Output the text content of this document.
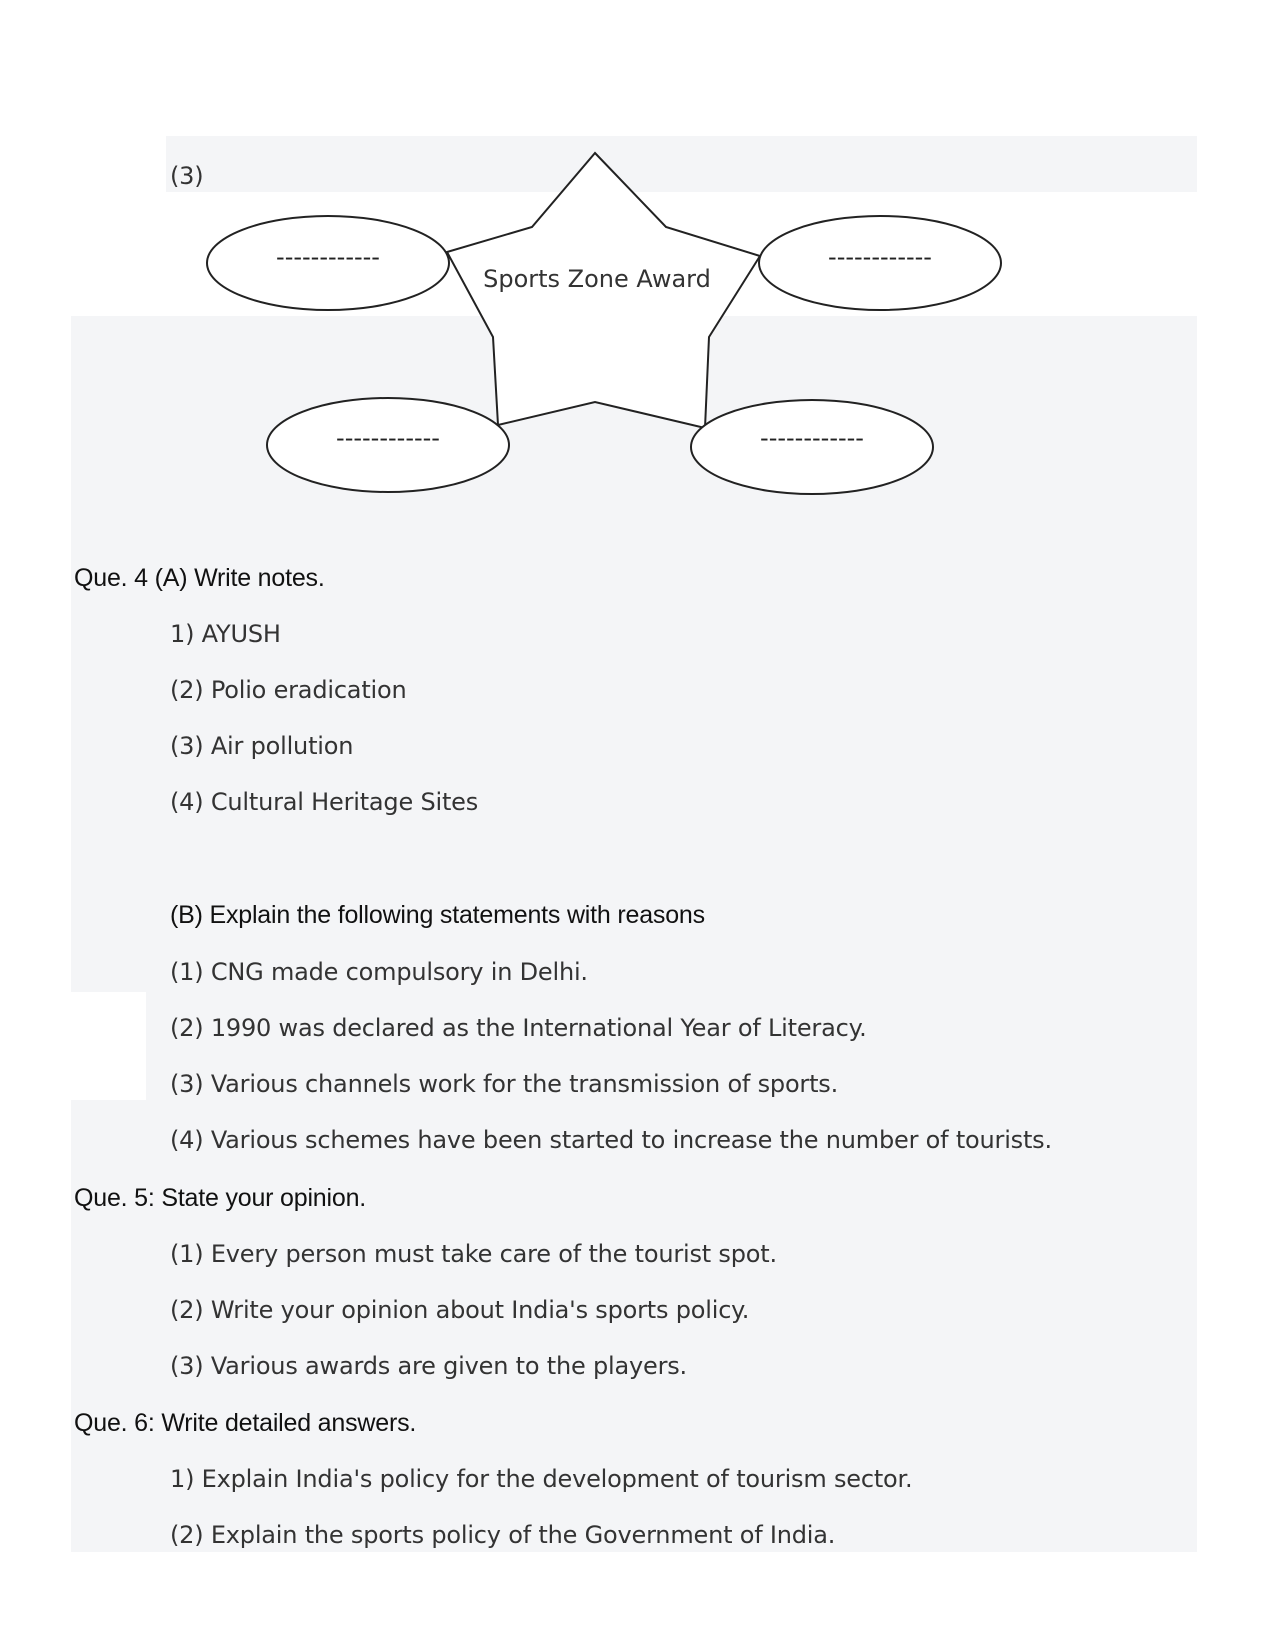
Sports Zone Award
------------	------------
------------	------------
(3)
Que. 4 (A) Write notes.
1) AYUSH
(2) Polio eradication
(3) Air pollution
(4) Cultural Heritage Sites
(B) Explain the following statements with reasons
(1) CNG made compulsory in Delhi.
(2) 1990 was declared as the International Year of Literacy.
(3) Various channels work for the transmission of sports.
(4) Various schemes have been started to increase the number of tourists.
Que. 5: State your opinion.
(1) Every person must take care of the tourist spot.
(2) Write your opinion about India's sports policy.
(3) Various awards are given to the players.
Que. 6: Write detailed answers.
1) Explain India's policy for the development of tourism sector.
(2) Explain the sports policy of the Government of India.
